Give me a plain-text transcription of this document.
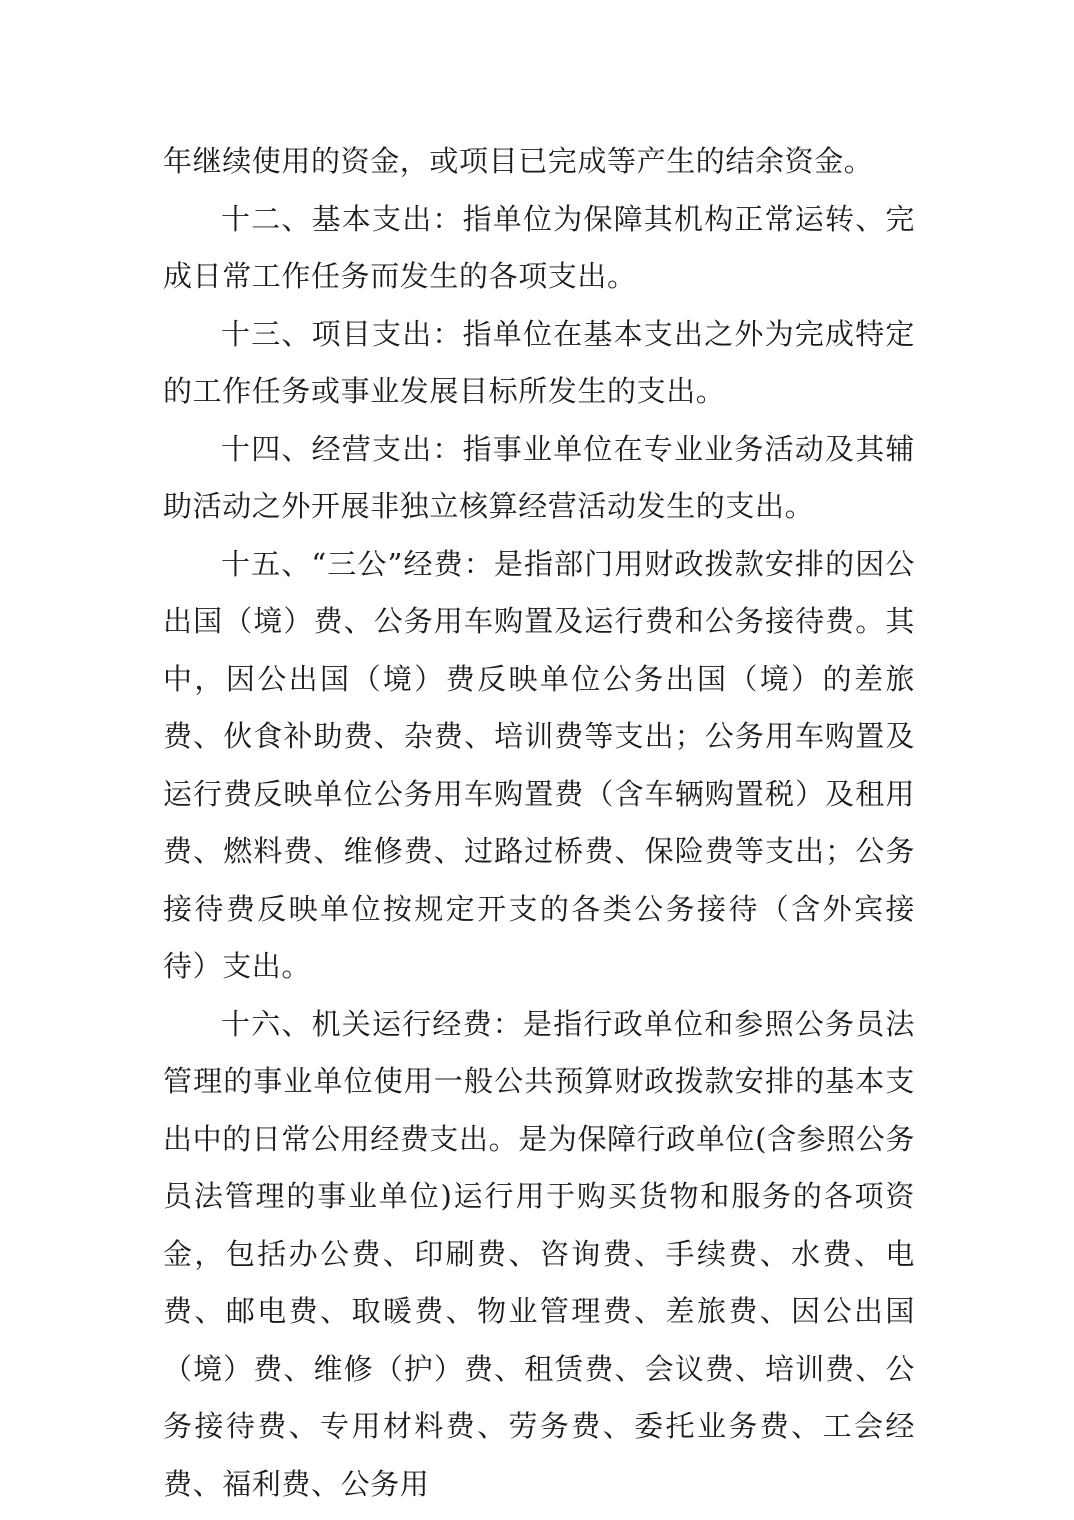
年继续使用的资金，或项目已完成等产生的结余资金。

十二、基本支出：指单位为保障其机构正常运转、完成日常工作任务而发生的各项支出。

十三、项目支出：指单位在基本支出之外为完成特定的工作任务或事业发展目标所发生的支出。

十四、经营支出：指事业单位在专业业务活动及其辅助活动之外开展非独立核算经营活动发生的支出。

十五、“三公”经费：是指部门用财政拨款安排的因公出国（境）费、公务用车购置及运行费和公务接待费。其中，因公出国（境）费反映单位公务出国（境）的差旅费、伙食补助费、杂费、培训费等支出；公务用车购置及运行费反映单位公务用车购置费（含车辆购置税）及租用费、燃料费、维修费、过路过桥费、保险费等支出；公务接待费反映单位按规定开支的各类公务接待（含外宾接待）支出。

十六、机关运行经费：是指行政单位和参照公务员法管理的事业单位使用一般公共预算财政拨款安排的基本支出中的日常公用经费支出。是为保障行政单位(含参照公务员法管理的事业单位)运行用于购买货物和服务的各项资金，包括办公费、印刷费、咨询费、手续费、水费、电费、邮电费、取暖费、物业管理费、差旅费、因公出国（境）费、维修（护）费、租赁费、会议费、培训费、公务接待费、专用材料费、劳务费、委托业务费、工会经费、福利费、公务用
